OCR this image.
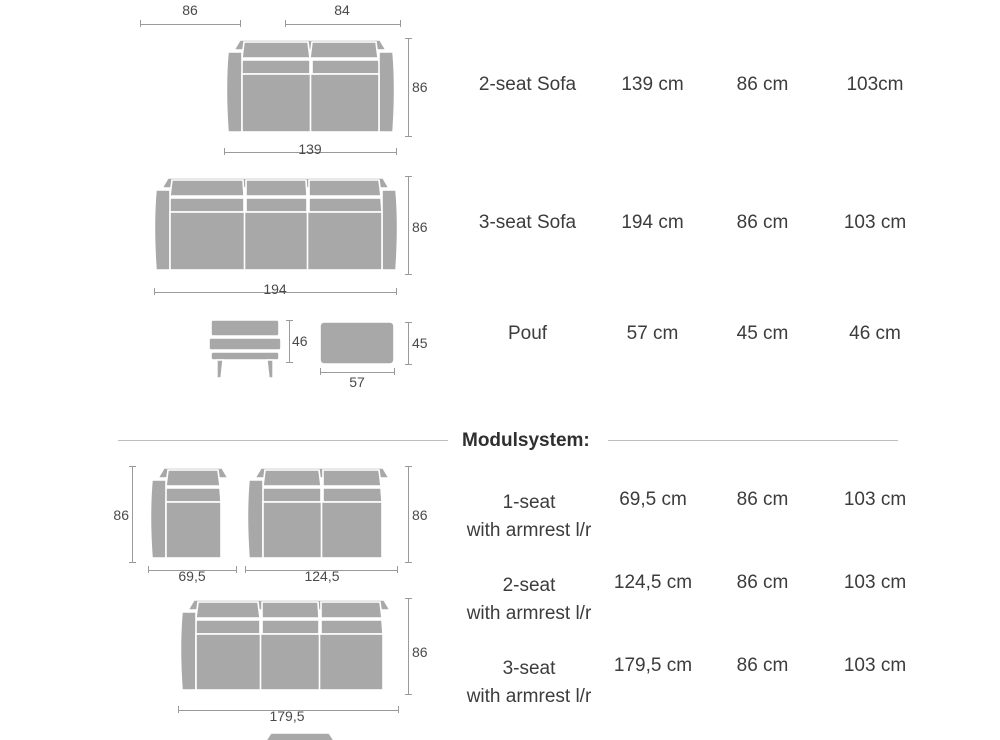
86	84
86
139
2-seat Sofa	139 cm	86 cm	103cm
86
194
3-seat Sofa	194 cm	86 cm	103 cm
46	45
57
Pouf	57 cm	45 cm	46 cm
Modulsystem:
86
69,5
86
124,5
86
179,5
1-seat
with armrest l/r
69,5 cm	86 cm	103 cm
2-seat
with armrest l/r
124,5 cm	86 cm	103 cm
3-seat
with armrest l/r
179,5 cm	86 cm	103 cm
